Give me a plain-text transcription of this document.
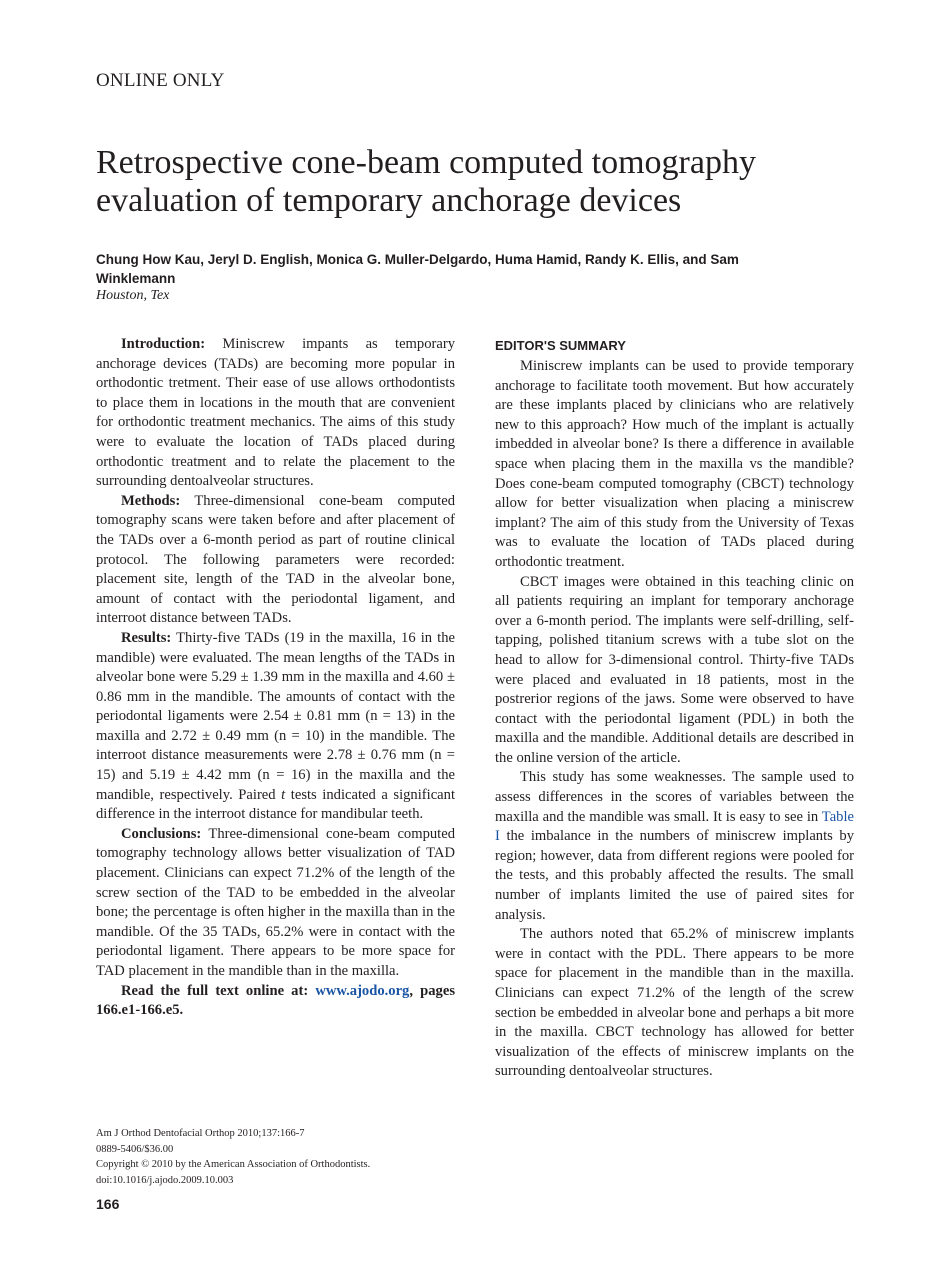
ONLINE ONLY
Retrospective cone-beam computed tomography evaluation of temporary anchorage devices
Chung How Kau, Jeryl D. English, Monica G. Muller-Delgardo, Huma Hamid, Randy K. Ellis, and Sam Winklemann
Houston, Tex

Introduction: Miniscrew impants as temporary anchorage devices (TADs) are becoming more popular in orthodontic tretment. Their ease of use allows orthodontists to place them in locations in the mouth that are convenient for orthodontic treatment mechanics. The aims of this study were to evaluate the location of TADs placed during orthodontic treatment and to relate the placement to the surrounding dentoalveolar structures.

Methods: Three-dimensional cone-beam computed tomography scans were taken before and after placement of the TADs over a 6-month period as part of routine clinical protocol. The following parameters were recorded: placement site, length of the TAD in the alveolar bone, amount of contact with the periodontal ligament, and interroot distance between TADs.

Results: Thirty-five TADs (19 in the maxilla, 16 in the mandible) were evaluated. The mean lengths of the TADs in alveolar bone were 5.29 ± 1.39 mm in the maxilla and 4.60 ± 0.86 mm in the mandible. The amounts of contact with the periodontal ligaments were 2.54 ± 0.81 mm (n = 13) in the maxilla and 2.72 ± 0.49 mm (n = 10) in the mandible. The interroot distance measurements were 2.78 ± 0.76 mm (n = 15) and 5.19 ± 4.42 mm (n = 16) in the maxilla and the mandible, respectively. Paired t tests indicated a significant difference in the interroot distance for mandibular teeth.

Conclusions: Three-dimensional cone-beam computed tomography technology allows better visualization of TAD placement. Clinicians can expect 71.2% of the length of the screw section of the TAD to be embedded in the alveolar bone; the percentage is often higher in the maxilla than in the mandible. Of the 35 TADs, 65.2% were in contact with the periodontal ligament. There appears to be more space for TAD placement in the mandible than in the maxilla.

Read the full text online at: www.ajodo.org, pages 166.e1-166.e5.

EDITOR'S SUMMARY

Miniscrew implants can be used to provide temporary anchorage to facilitate tooth movement. But how accurately are these implants placed by clinicians who are relatively new to this approach? How much of the implant is actually imbedded in alveolar bone? Is there a difference in available space when placing them in the maxilla vs the mandible? Does cone-beam computed tomography (CBCT) technology allow for better visualization when placing a miniscrew implant? The aim of this study from the University of Texas was to evaluate the location of TADs placed during orthodontic treatment.

CBCT images were obtained in this teaching clinic on all patients requiring an implant for temporary anchorage over a 6-month period. The implants were self-drilling, self-tapping, polished titanium screws with a tube slot on the head to allow for 3-dimensional control. Thirty-five TADs were placed and evaluated in 18 patients, most in the postrerior regions of the jaws. Some were observed to have contact with the periodontal ligament (PDL) in both the maxilla and the mandible. Additional details are described in the online version of the article.

This study has some weaknesses. The sample used to assess differences in the scores of variables between the maxilla and the mandible was small. It is easy to see in Table I the imbalance in the numbers of miniscrew implants by region; however, data from different regions were pooled for the tests, and this probably affected the results. The small number of implants limited the use of paired sites for analysis.

The authors noted that 65.2% of miniscrew implants were in contact with the PDL. There appears to be more space for placement in the mandible than in the maxilla. Clinicians can expect 71.2% of the length of the screw section be embedded in alveolar bone and perhaps a bit more in the maxilla. CBCT technology has allowed for better visualization of the effects of miniscrew implants on the surrounding dentoalveolar structures.

Am J Orthod Dentofacial Orthop 2010;137:166-7
0889-5406/$36.00
Copyright © 2010 by the American Association of Orthodontists.
doi:10.1016/j.ajodo.2009.10.003
166
